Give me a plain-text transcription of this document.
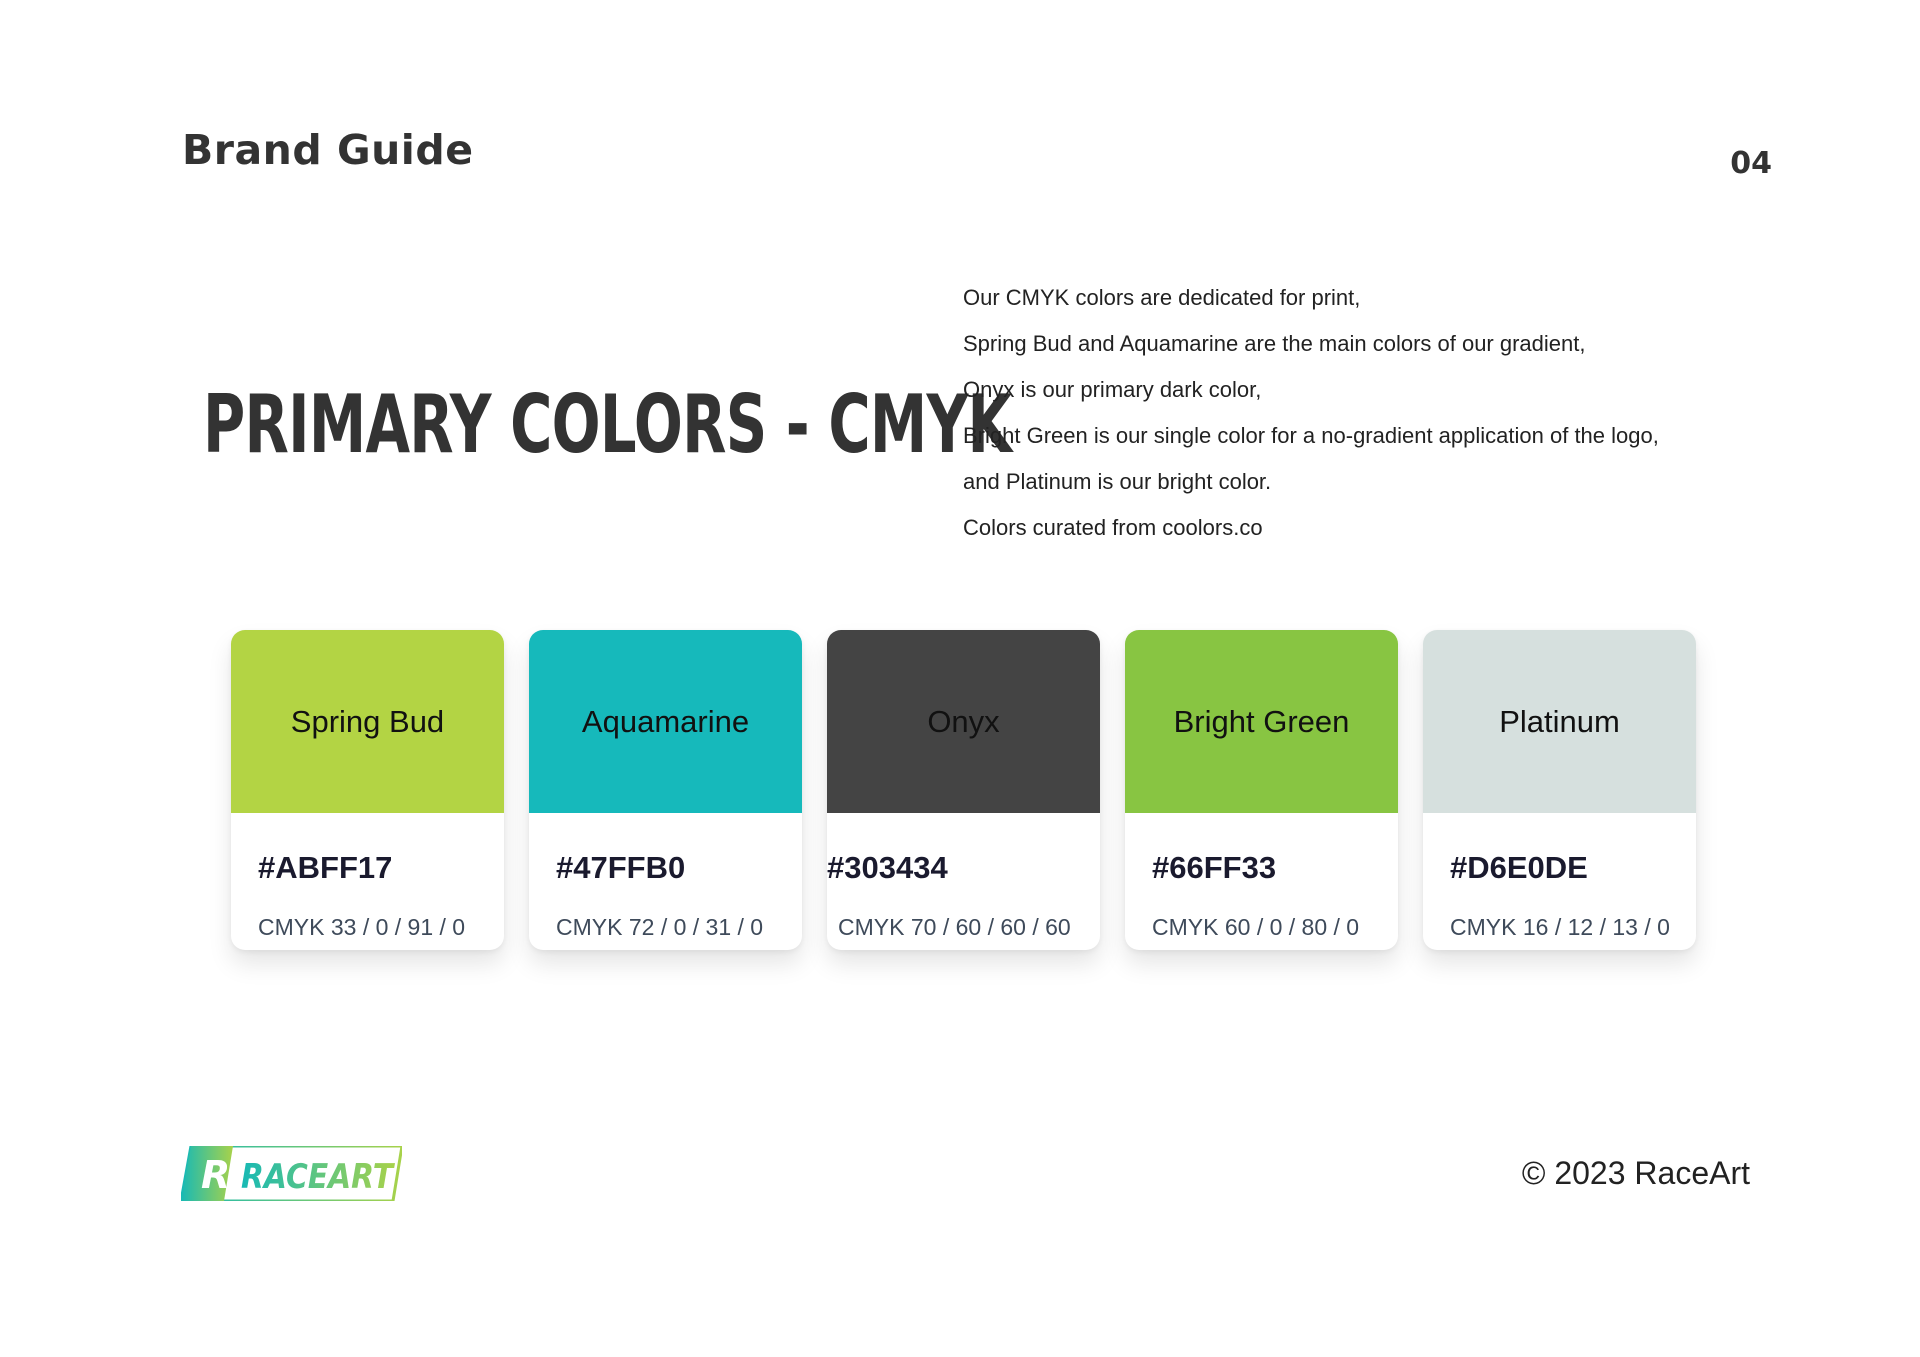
Brand Guide	04
PRIMARY COLORS - CMYK

Our CMYK colors are dedicated for print,

Spring Bud and Aquamarine are the main colors of our gradient,

Onyx is our primary dark color,

Bright Green is our single color for a no-gradient application of the logo,

and Platinum is our bright color.

Colors curated from coolors.co

Spring Bud
#ABFF17
CMYK 33 / 0 / 91 / 0
Aquamarine
#47FFB0
CMYK 72 / 0 / 31 / 0
Onyx
#303434
CMYK 70 / 60 / 60 / 60
Bright Green
#66FF33
CMYK 60 / 0 / 80 / 0
Platinum
#D6E0DE
CMYK 16 / 12 / 13 / 0
R RACEART	© 2023 RaceArt
